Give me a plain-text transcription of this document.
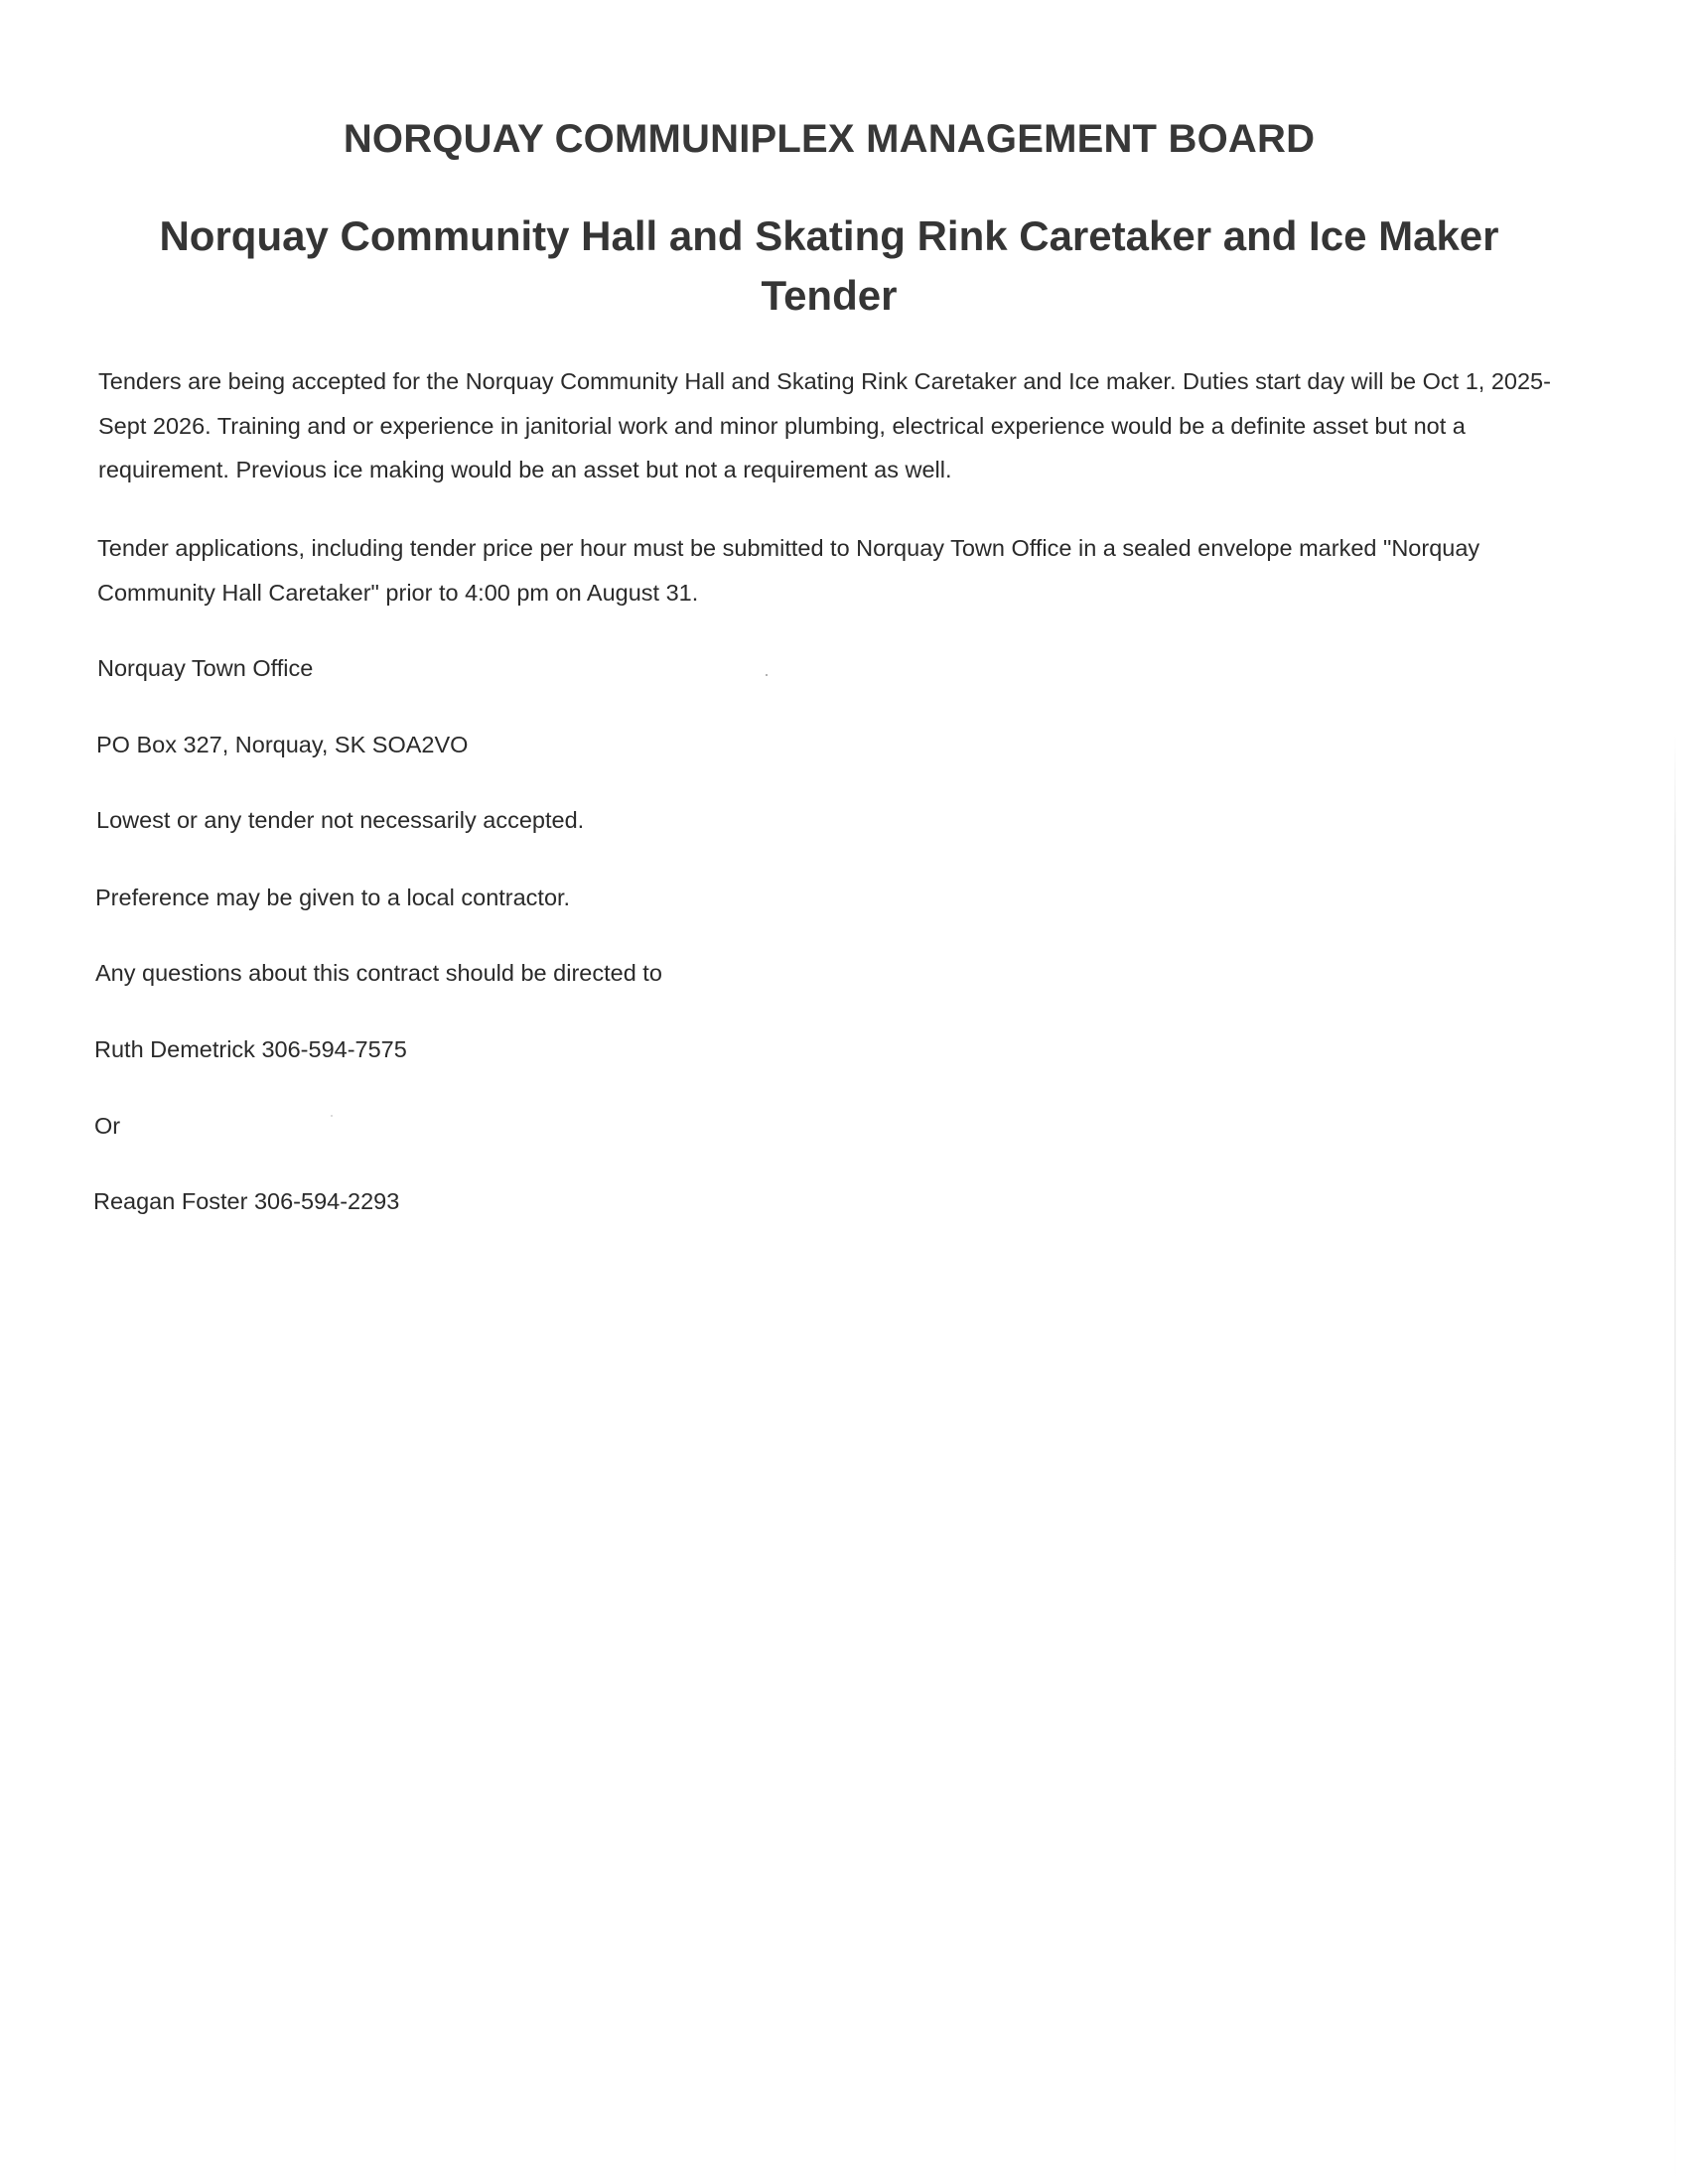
NORQUAY COMMUNIPLEX MANAGEMENT BOARD
Norquay Community Hall and Skating Rink Caretaker and Ice Maker Tender

Tenders are being accepted for the Norquay Community Hall and Skating Rink Caretaker and Ice maker. Duties start day will be Oct 1, 2025-Sept 2026. Training and or experience in janitorial work and minor plumbing, electrical experience would be a definite asset but not a requirement. Previous ice making would be an asset but not a requirement as well.

Tender applications, including tender price per hour must be submitted to Norquay Town Office in a sealed envelope marked "Norquay Community Hall Caretaker" prior to 4:00 pm on August 31.

Norquay Town Office

PO Box 327, Norquay, SK SOA2VO

Lowest or any tender not necessarily accepted.

Preference may be given to a local contractor.

Any questions about this contract should be directed to

Ruth Demetrick 306-594-7575

Or

Reagan Foster 306-594-2293
